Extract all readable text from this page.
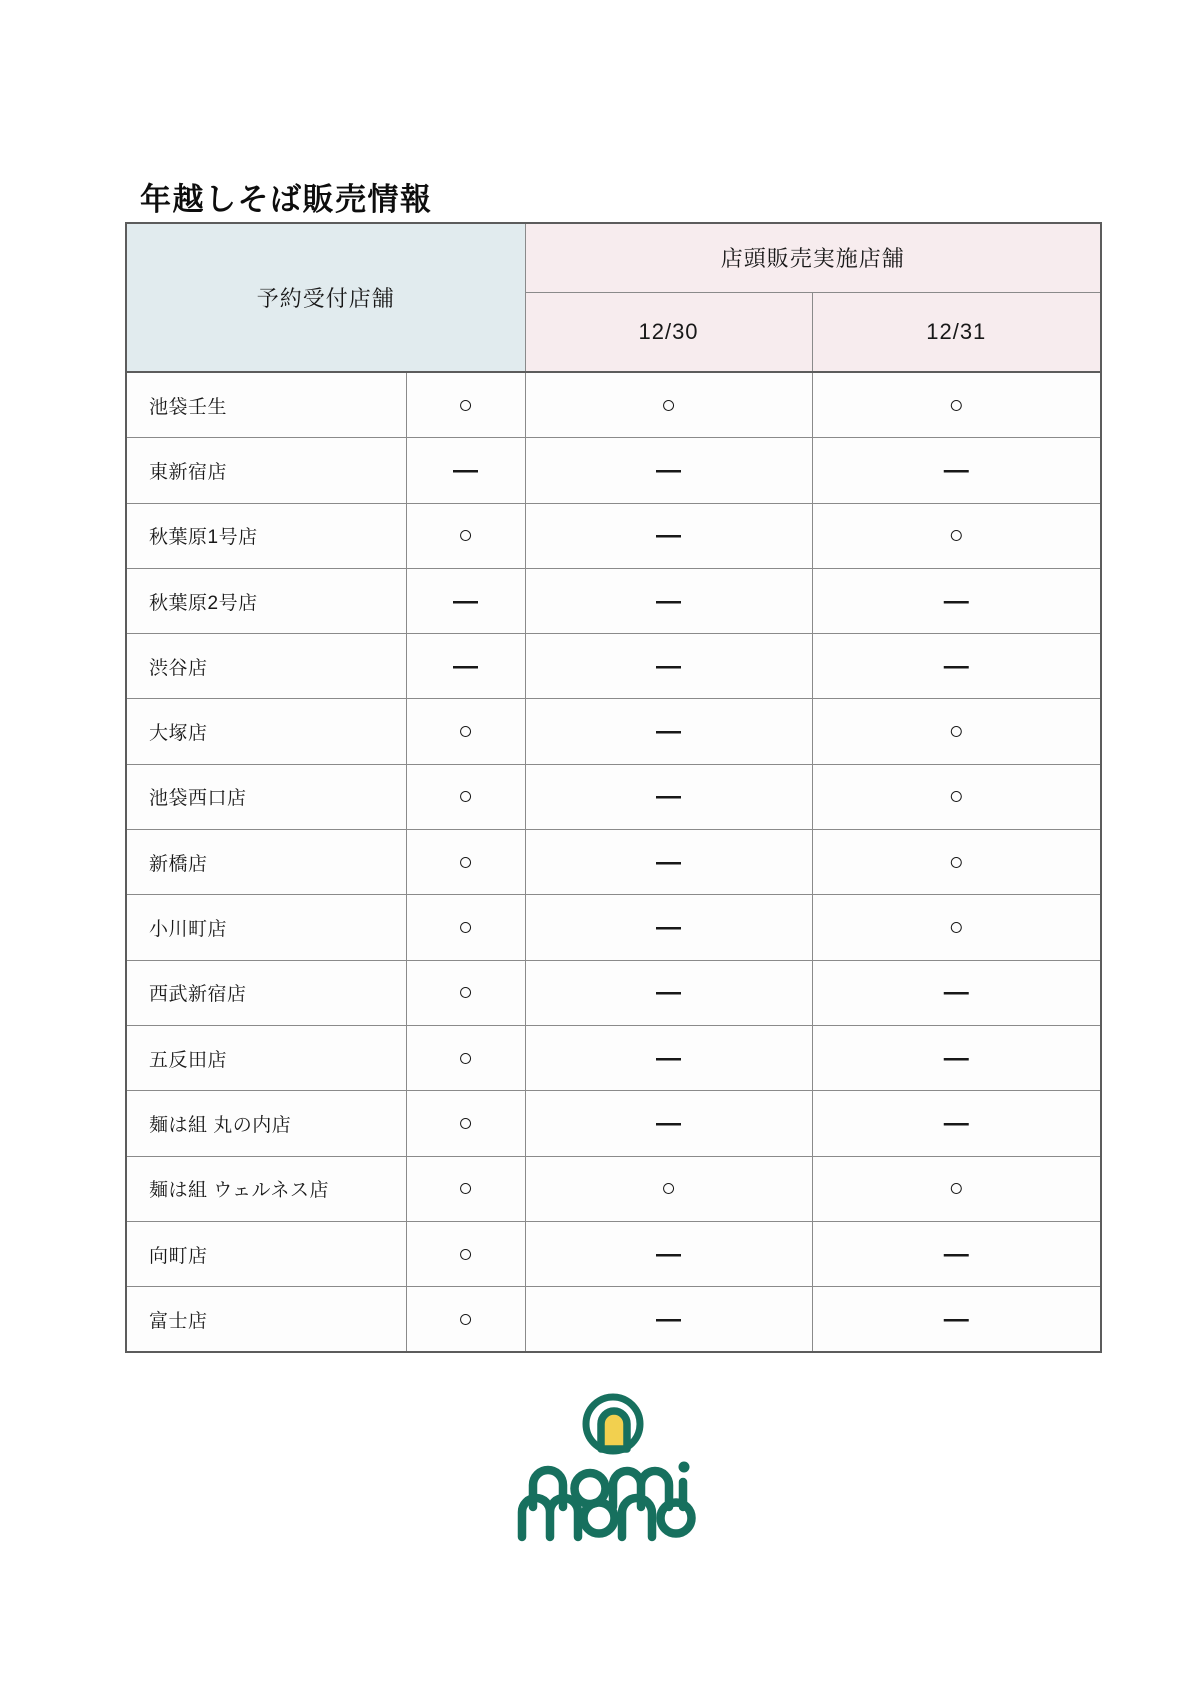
年越しそば販売情報
予約受付店舗		店頭販売実施店舗	
		12/30	12/31
池袋壬生	○	○	○
東新宿店	―	―	―
秋葉原1号店	○	―	○
秋葉原2号店	―	―	―
渋谷店	―	―	―
大塚店	○	―	○
池袋西口店	○	―	○
新橋店	○	―	○
小川町店	○	―	○
西武新宿店	○	―	―
五反田店	○	―	―
麺は組 丸の内店	○	―	―
麺は組 ウェルネス店	○	○	○
向町店	○	―	―
富士店	○	―	―
